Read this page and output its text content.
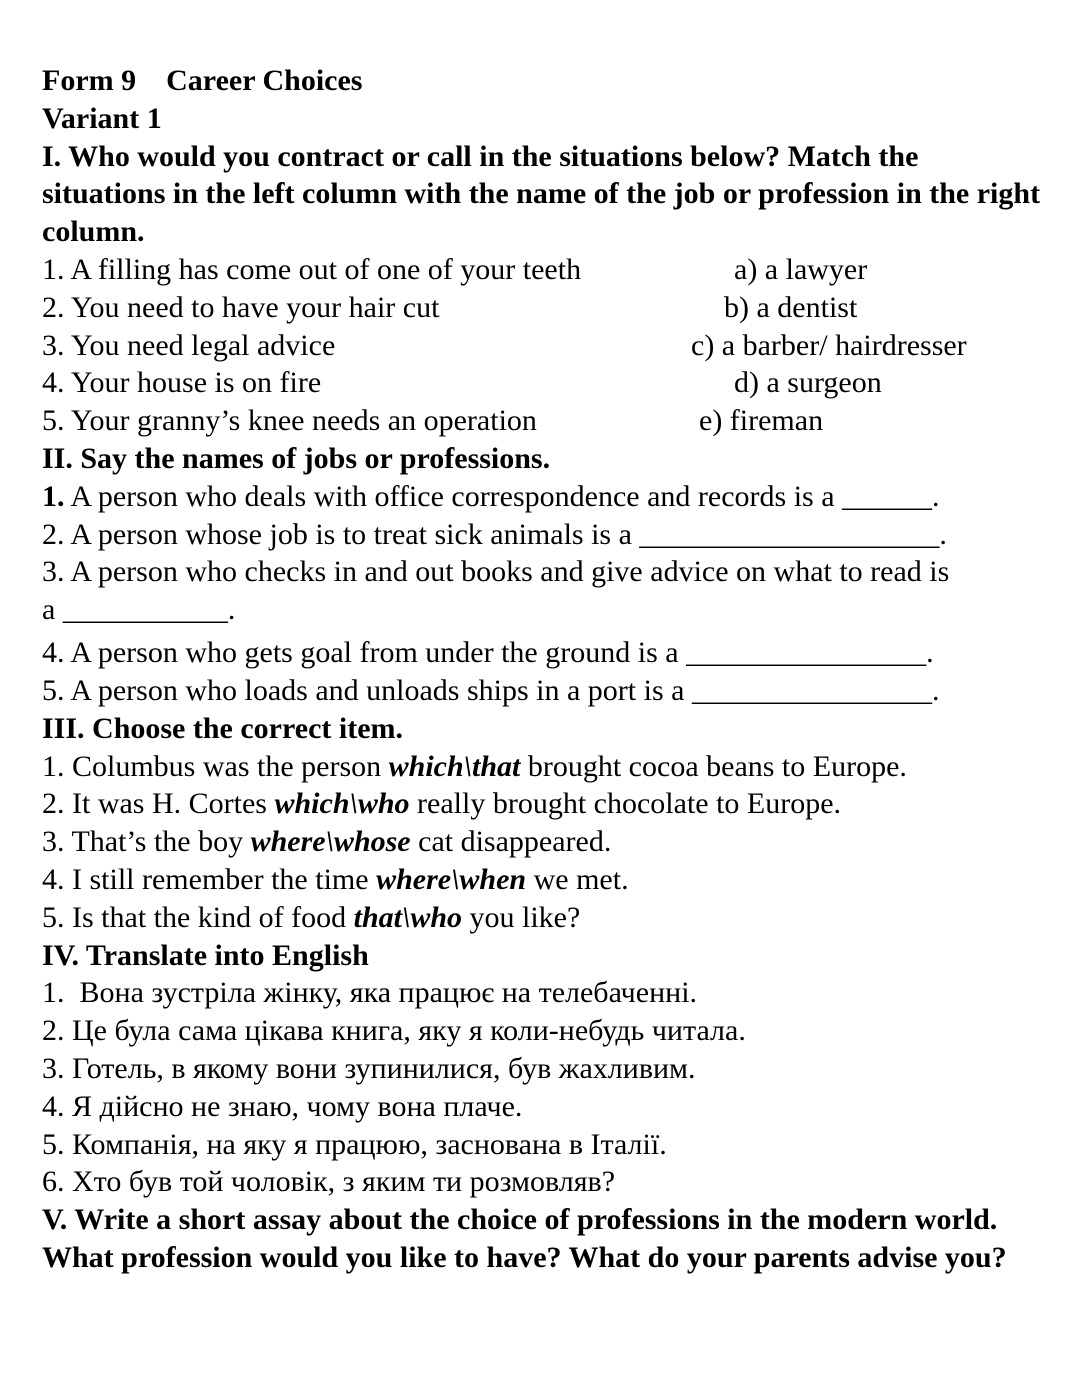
Form 9 Career Choices
Variant 1
I. Who would you contract or call in the situations below? Match the situations in the left column with the name of the job or profession in the right column.
1. A filling has come out of one of your teeth	a) a lawyer
2. You need to have your hair cut	b) a dentist
3. You need legal advice	c) a barber/ hairdresser
4. Your house is on fire	d) a surgeon
5. Your granny’s knee needs an operation	e) fireman
II. Say the names of jobs or professions.
1. A person who deals with office correspondence and records is a ______.
2. A person whose job is to treat sick animals is a ____________________.
3. A person who checks in and out books and give advice on what to read is
a ___________.
4. A person who gets goal from under the ground is a ________________.
5. A person who loads and unloads ships in a port is a ________________.
III. Choose the correct item.
1. Columbus was the person which\that brought cocoa beans to Europe.
2. It was H. Cortes which\who really brought chocolate to Europe.
3. That’s the boy where\whose cat disappeared.
4. I still remember the time where\when we met.
5. Is that the kind of food that\who you like?
IV. Translate into English
1.  Вона зустріла жінку, яка працює на телебаченні.
2. Це була сама цікава книга, яку я коли-небудь читала.
3. Готель, в якому вони зупинилися, був жахливим.
4. Я дійсно не знаю, чому вона плаче.
5. Компанія, на яку я працюю, заснована в Італії.
6. Хто був той чоловік, з яким ти розмовляв?
V. Write a short assay about the choice of professions in the modern world. What profession would you like to have? What do your parents advise you?
